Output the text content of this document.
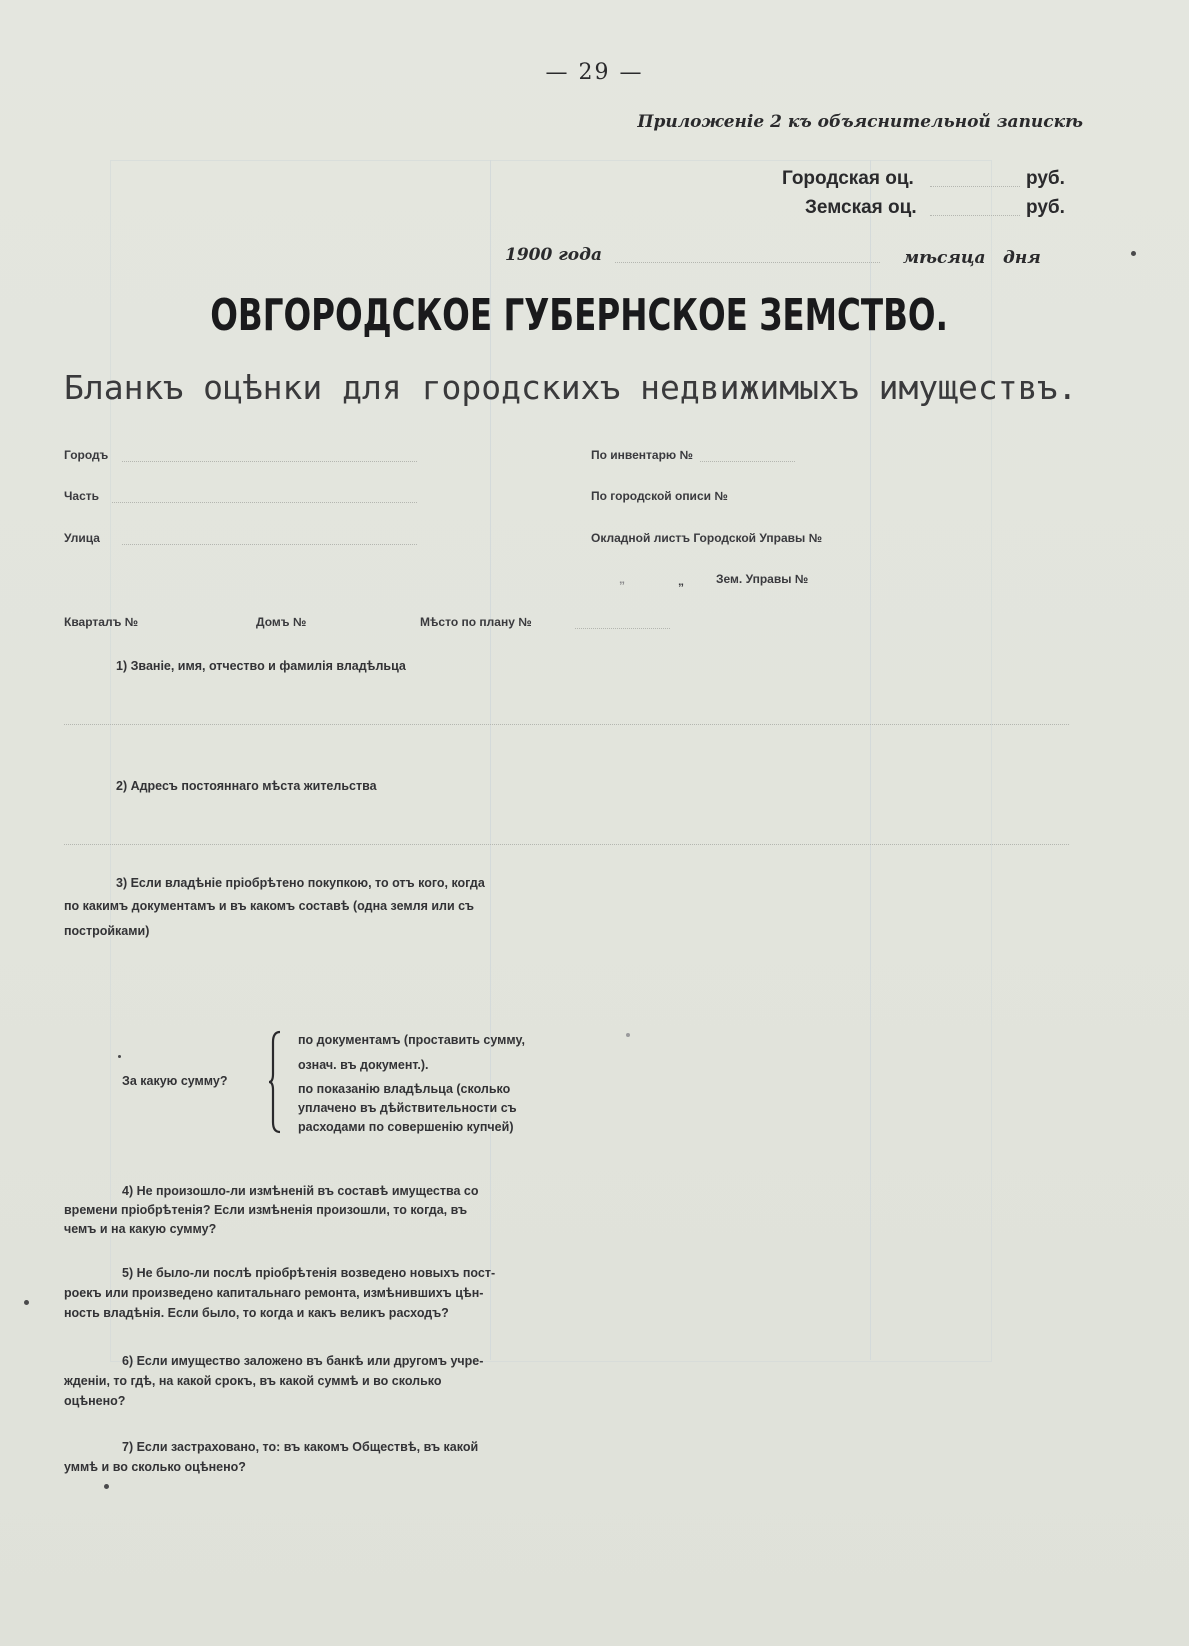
— 29 —
Приложеніе 2 къ объяснительной запискѣ
Городская оц.	руб.
Земская оц.	руб.
1900 года	мѣсяца дня
ОВГОРОДСКОЕ ГУБЕРНСКОЕ ЗЕМСТВО.
Бланкъ оцѣнки для городскихъ недвижимыхъ имуществъ.
Городъ
Часть
Улица
По инвентарю №
По городской описи №
Окладной листъ Городской Управы №
„	„	Зем. Управы №
Кварталъ №	Домъ №	Мѣсто по плану №
1) Званіе, имя, отчество и фамилія владѣльца
2) Адресъ постояннаго мѣста жительства
3) Если владѣніе пріобрѣтено покупкою, то отъ кого, когда
по какимъ документамъ и въ какомъ составѣ (одна земля или съ
постройками)
За какую сумму?
по документамъ (проставить сумму,
означ. въ документ.).
по показанію владѣльца (сколько
уплачено въ дѣйствительности съ
расходами по совершенію купчей)
4) Не произошло-ли измѣненій въ составѣ имущества со
времени пріобрѣтенія? Если измѣненія произошли, то когда, въ
чемъ и на какую сумму?
5) Не было-ли послѣ пріобрѣтенія возведено новыхъ пост-
роекъ или произведено капитальнаго ремонта, измѣнившихъ цѣн-
ность владѣнія. Если было, то когда и какъ великъ расходъ?
6) Если имущество заложено въ банкѣ или другомъ учре-
жденіи, то гдѣ, на какой срокъ, въ какой суммѣ и во сколько
оцѣнено?
7) Если застраховано, то: въ какомъ Обществѣ, въ какой
уммѣ и во сколько оцѣнено?
